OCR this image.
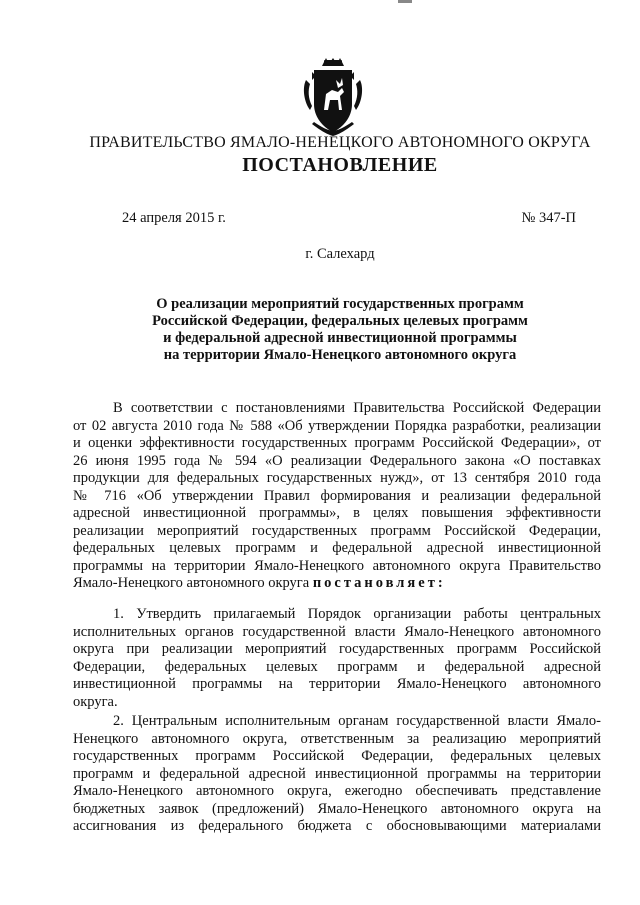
ПРАВИТЕЛЬСТВО ЯМАЛО-НЕНЕЦКОГО АВТОНОМНОГО ОКРУГА
ПОСТАНОВЛЕНИЕ
24 апреля 2015 г.	№ 347-П
г. Салехард
О реализации мероприятий государственных программ
Российской Федерации, федеральных целевых программ
и федеральной адресной инвестиционной программы
на территории Ямало-Ненецкого автономного округа
В соответствии с постановлениями Правительства Российской Федерации
от 02 августа 2010 года № 588 «Об утверждении Порядка разработки, реализации
и оценки эффективности государственных программ Российской Федерации», от
26 июня 1995 года № 594 «О реализации Федерального закона «О поставках
продукции для федеральных государственных нужд», от 13 сентября 2010 года
№ 716 «Об утверждении Правил формирования и реализации федеральной
адресной инвестиционной программы», в целях повышения эффективности
реализации мероприятий государственных программ Российской Федерации,
федеральных целевых программ и федеральной адресной инвестиционной
программы на территории Ямало-Ненецкого автономного округа Правительство
Ямало-Ненецкого автономного округа постановляет:
1. Утвердить прилагаемый Порядок организации работы центральных
исполнительных органов государственной власти Ямало-Ненецкого автономного
округа при реализации мероприятий государственных программ Российской
Федерации, федеральных целевых программ и федеральной адресной
инвестиционной программы на территории Ямало-Ненецкого автономного
округа.
2. Центральным исполнительным органам государственной власти Ямало-
Ненецкого автономного округа, ответственным за реализацию мероприятий
государственных программ Российской Федерации, федеральных целевых
программ и федеральной адресной инвестиционной программы на территории
Ямало-Ненецкого автономного округа, ежегодно обеспечивать представление
бюджетных заявок (предложений) Ямало-Ненецкого автономного округа на
ассигнования из федерального бюджета с обосновывающими материалами
